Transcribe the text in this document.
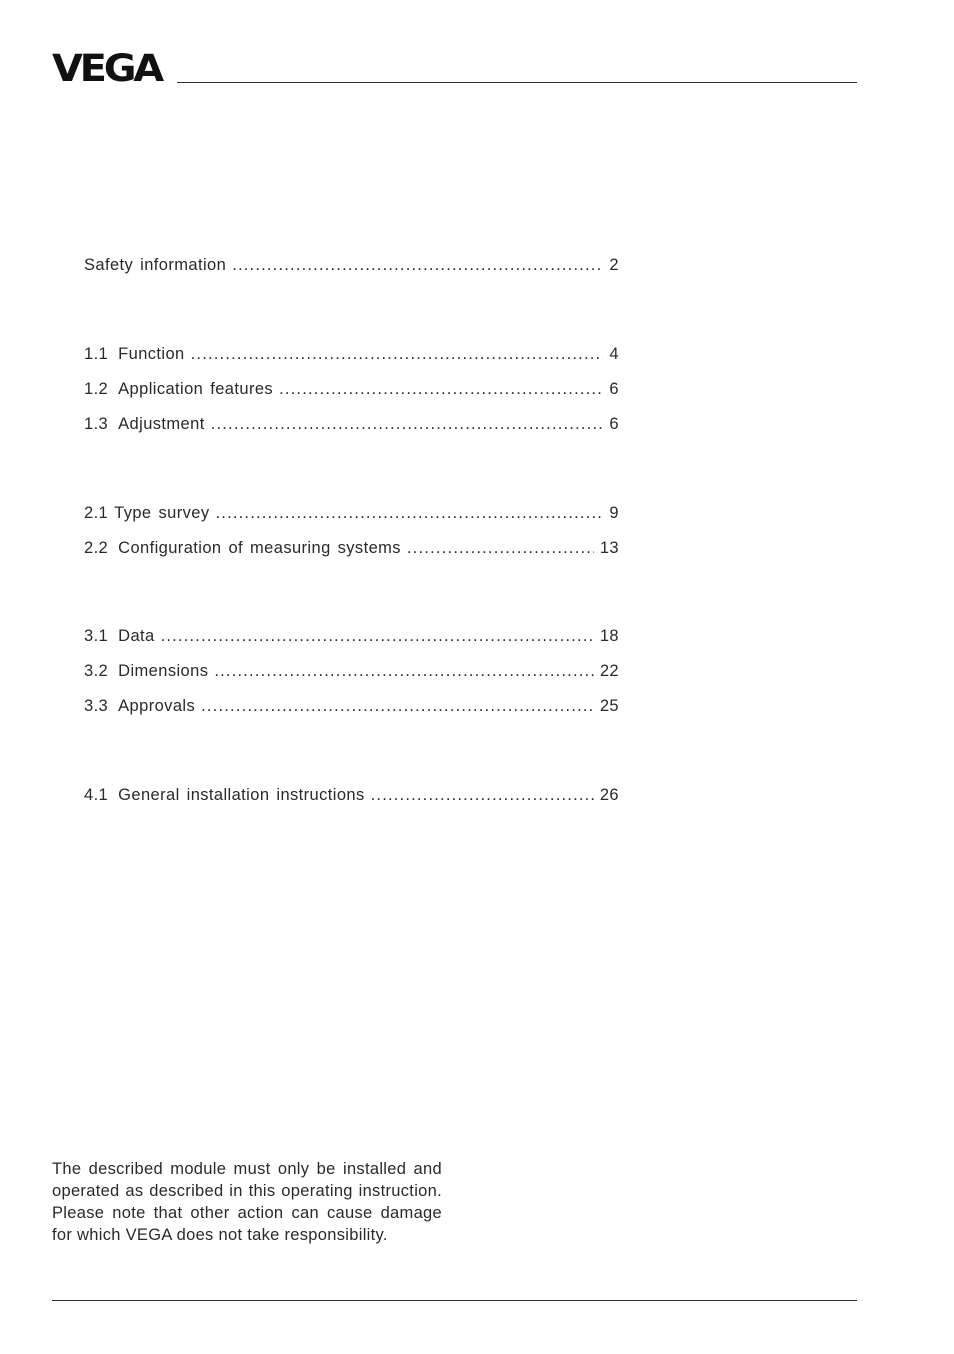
VEGA
Safety information .....	2
1.1 Function .....	4
1.2 Application features .....	6
1.3 Adjustment .....	6
2.1 Type survey .....	9
2.2 Configuration of measuring systems .....	13
3.1 Data .....	18
3.2 Dimensions .....	22
3.3 Approvals .....	25
4.1 General installation instructions .....	26

The described module must only be installed and operated as described in this operating instruction. Please note that other action can cause damage for which VEGA does not take responsibility.
